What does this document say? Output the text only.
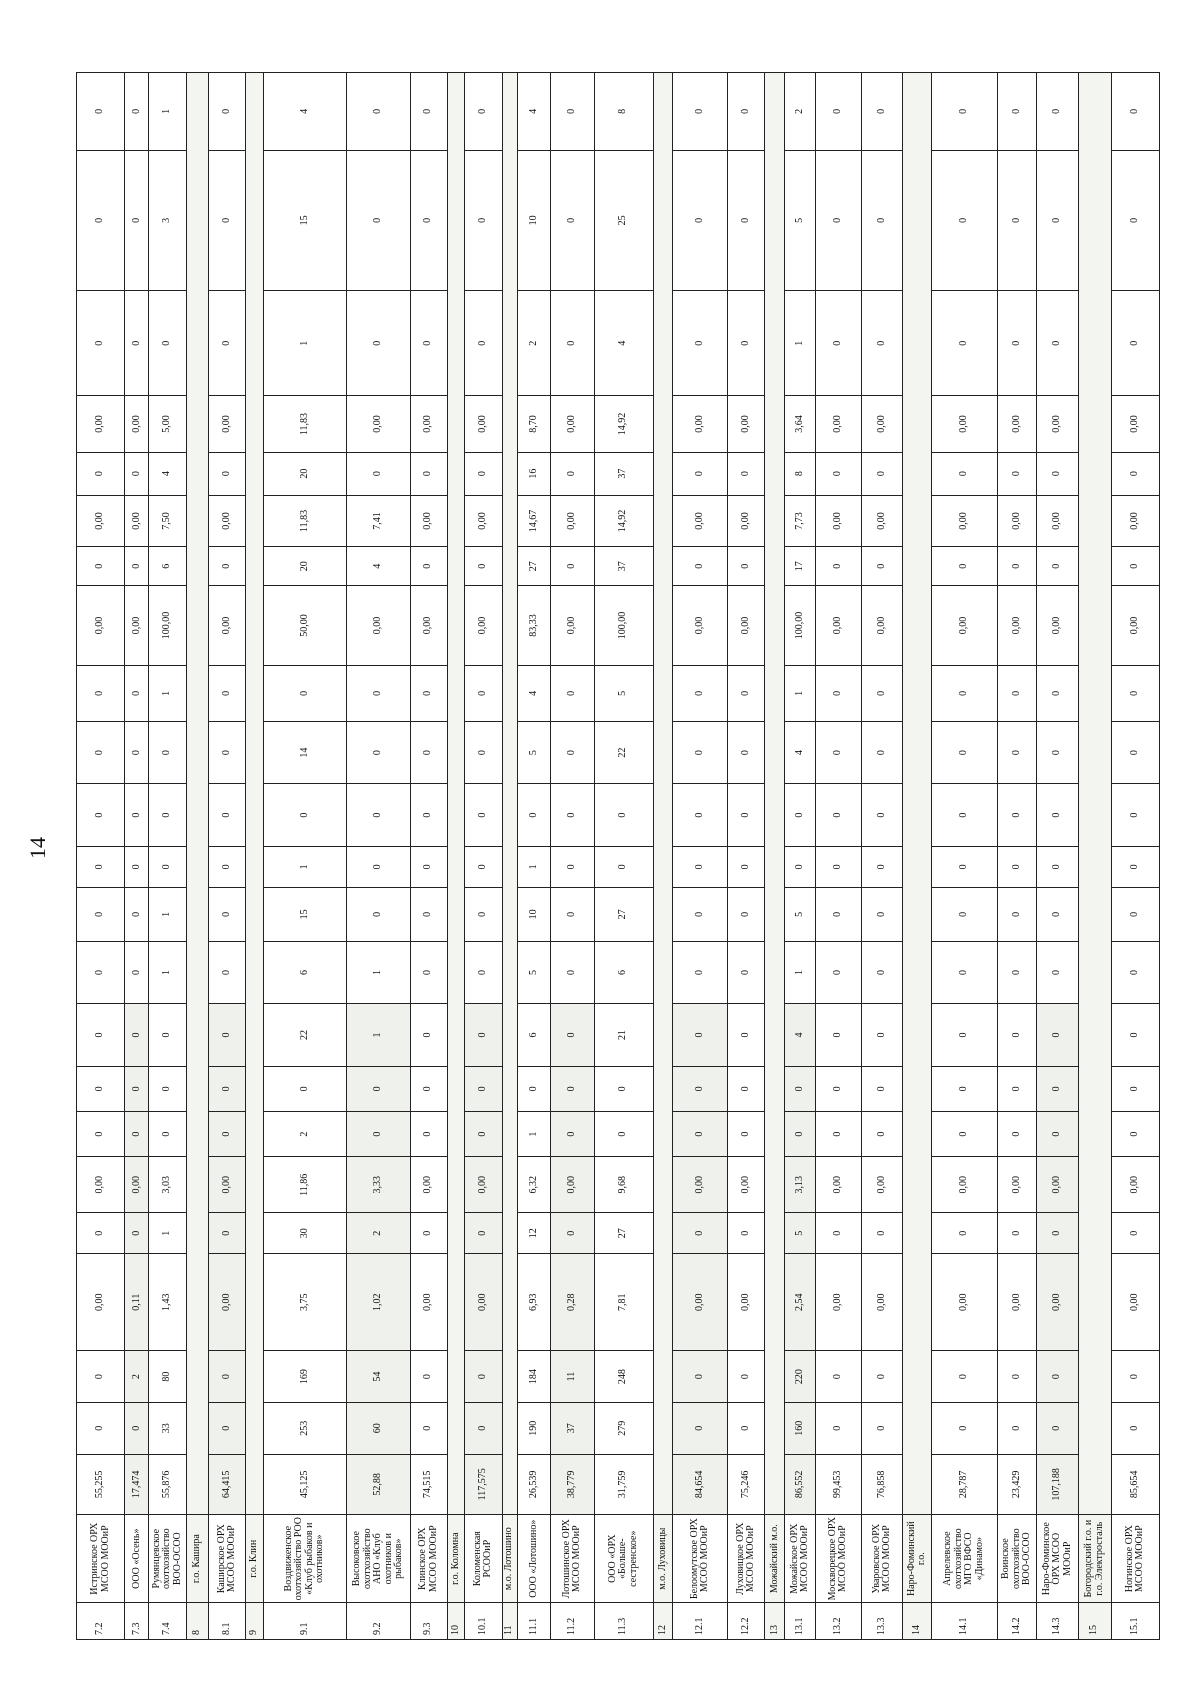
14
7.2	Истринское ОРХ МСОО МООиР	55,255	0	0	0,00	0	0,00	0	0	0	0	0	0	0	0	0	0,00	0	0,00	0	0,00	0	0	0
7.3	ООО «Осень»	17,474	0	2	0,11	0	0,00	0	0	0	0	0	0	0	0	0	0,00	0	0,00	0	0,00	0	0	0
7.4	Румянцевское охотхозяйство ВОО-ОСОО	55,876	33	80	1,43	1	3,03	0	0	0	1	1	0	0	0	1	100,00	6	7,50	4	5,00	0	3	1
8	г.о. Кашира																							
8.1	Каширское ОРХ МСОО МООиР	64,415	0	0	0,00	0	0,00	0	0	0	0	0	0	0	0	0	0,00	0	0,00	0	0,00	0	0	0
9	г.о. Клин																							
9.1	Воздвиженское охотхозяйство РОО «Клуб рыбаков и охотников»	45,125	253	169	3,75	30	11,86	2	0	22	6	15	1	0	14	0	50,00	20	11,83	20	11,83	1	15	4
9.2	Высоковское охотхозяйство АНО «Клуб охотников и рыбаков»	52,88	60	54	1,02	2	3,33	0	0	1	1	0	0	0	0	0	0,00	4	7,41	0	0,00	0	0	0
9.3	Клинское ОРХ МСОО МООиР	74,515	0	0	0,00	0	0,00	0	0	0	0	0	0	0	0	0	0,00	0	0,00	0	0,00	0	0	0
10	г.о. Коломна																							
10.1	Коломенская РСООиР	117,575	0	0	0,00	0	0,00	0	0	0	0	0	0	0	0	0	0,00	0	0,00	0	0,00	0	0	0
11	м.о. Лотошино																							
11.1	ООО «Лотошино»	26,539	190	184	6,93	12	6,32	1	0	6	5	10	1	0	5	4	83,33	27	14,67	16	8,70	2	10	4
11.2	Лотошинское ОРХ МСОО МООиР	38,779	37	11	0,28	0	0,00	0	0	0	0	0	0	0	0	0	0,00	0	0,00	0	0,00	0	0	0
11.3	ООО «ОРХ «Больше-сестренское»	31,759	279	248	7,81	27	9,68	0	0	21	6	27	0	0	22	5	100,00	37	14,92	37	14,92	4	25	8
12	м.о. Луховицы																							
12.1	Белоомутское ОРХ МСОО МООиР	84,654	0	0	0,00	0	0,00	0	0	0	0	0	0	0	0	0	0,00	0	0,00	0	0,00	0	0	0
12.2	Луховицкое ОРХ МСОО МООиР	75,246	0	0	0,00	0	0,00	0	0	0	0	0	0	0	0	0	0,00	0	0,00	0	0,00	0	0	0
13	Можайский м.о.																							
13.1	Можайское ОРХ МСОО МООиР	86,552	160	220	2,54	5	3,13	0	0	4	1	5	0	0	4	1	100,00	17	7,73	8	3,64	1	5	2
13.2	Москворецкое ОРХ МСОО МООиР	99,453	0	0	0,00	0	0,00	0	0	0	0	0	0	0	0	0	0,00	0	0,00	0	0,00	0	0	0
13.3	Уваровское ОРХ МСОО МООиР	76,858	0	0	0,00	0	0,00	0	0	0	0	0	0	0	0	0	0,00	0	0,00	0	0,00	0	0	0
14	Наро-Фоминский г.о.																							
14.1	Апрелевское охотхозяйство МГО ВФСО «Динамо»	28,787	0	0	0,00	0	0,00	0	0	0	0	0	0	0	0	0	0,00	0	0,00	0	0,00	0	0	0
14.2	Воинское охотхозяйство ВОО-ОСОО	23,429	0	0	0,00	0	0,00	0	0	0	0	0	0	0	0	0	0,00	0	0,00	0	0,00	0	0	0
14.3	Наро-Фоминское ОРХ МСОО МООиР	107,188	0	0	0,00	0	0,00	0	0	0	0	0	0	0	0	0	0,00	0	0,00	0	0,00	0	0	0
15	Богородский г.о. и г.о. Электросталь																							
15.1	Ногинское ОРХ МСОО МООиР	85,654	0	0	0,00	0	0,00	0	0	0	0	0	0	0	0	0	0,00	0	0,00	0	0,00	0	0	0
